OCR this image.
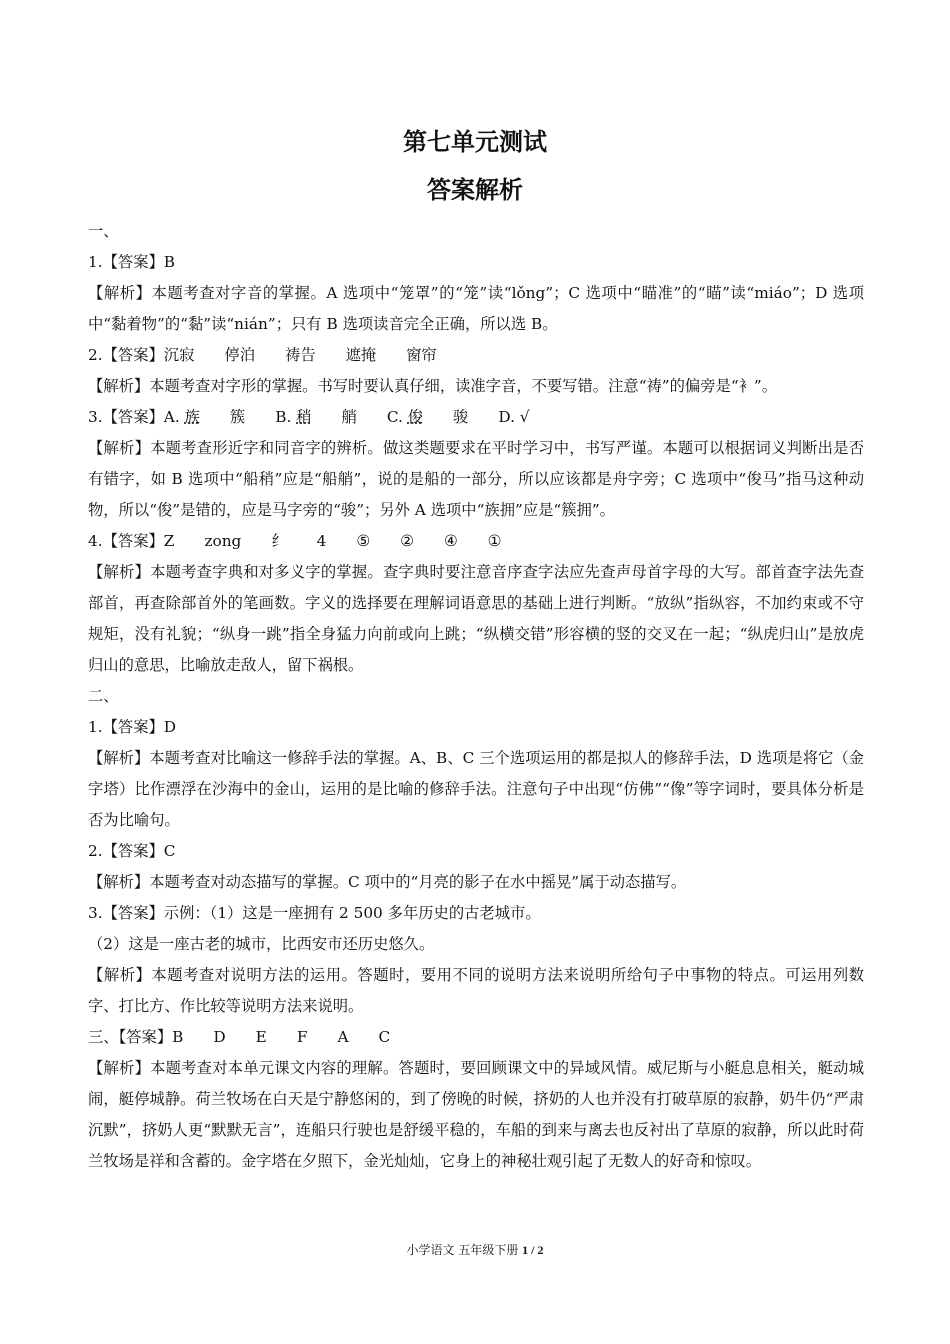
第七单元测试
答案解析

一、

1.【答案】B

【解析】本题考查对字音的掌握。A 选项中“笼罩”的“笼”读“lǒng”；C 选项中“瞄准”的“瞄”读“miáo”；D 选项中“黏着物”的“黏”读“nián”；只有 B 选项读音完全正确，所以选 B。

2.【答案】沉寂 停泊 祷告 遮掩 窗帘

【解析】本题考查对字形的掌握。书写时要认真仔细，读准字音，不要写错。注意“祷”的偏旁是“衤”。

3.【答案】A. 族 簇 B. 稍 艄 C. 俊 骏 D. √

【解析】本题考查形近字和同音字的辨析。做这类题要求在平时学习中，书写严谨。本题可以根据词义判断出是否有错字，如 B 选项中“船稍”应是“船艄”，说的是船的一部分，所以应该都是舟字旁；C 选项中“俊马”指马这种动物，所以“俊”是错的，应是马字旁的“骏”；另外 A 选项中“族拥”应是“簇拥”。

4.【答案】Z zong 纟 4 ⑤ ② ④ ①

【解析】本题考查字典和对多义字的掌握。查字典时要注意音序查字法应先查声母首字母的大写。部首查字法先查部首，再查除部首外的笔画数。字义的选择要在理解词语意思的基础上进行判断。“放纵”指纵容，不加约束或不守规矩，没有礼貌；“纵身一跳”指全身猛力向前或向上跳；“纵横交错”形容横的竖的交叉在一起；“纵虎归山”是放虎归山的意思，比喻放走敌人，留下祸根。

二、

1.【答案】D

【解析】本题考查对比喻这一修辞手法的掌握。A、B、C 三个选项运用的都是拟人的修辞手法，D 选项是将它（金字塔）比作漂浮在沙海中的金山，运用的是比喻的修辞手法。注意句子中出现“仿佛”“像”等字词时，要具体分析是否为比喻句。

2.【答案】C

【解析】本题考查对动态描写的掌握。C 项中的“月亮的影子在水中摇晃”属于动态描写。

3.【答案】示例：（1）这是一座拥有 2 500 多年历史的古老城市。

（2）这是一座古老的城市，比西安市还历史悠久。

【解析】本题考查对说明方法的运用。答题时，要用不同的说明方法来说明所给句子中事物的特点。可运用列数字、打比方、作比较等说明方法来说明。

三、【答案】B D E F A C

【解析】本题考查对本单元课文内容的理解。答题时，要回顾课文中的异域风情。威尼斯与小艇息息相关，艇动城闹，艇停城静。荷兰牧场在白天是宁静悠闲的，到了傍晚的时候，挤奶的人也并没有打破草原的寂静，奶牛仍“严肃沉默”，挤奶人更“默默无言”，连船只行驶也是舒缓平稳的，车船的到来与离去也反衬出了草原的寂静，所以此时荷兰牧场是祥和含蓄的。金字塔在夕照下，金光灿灿，它身上的神秘壮观引起了无数人的好奇和惊叹。

小学语文 五年级下册 1 / 2
